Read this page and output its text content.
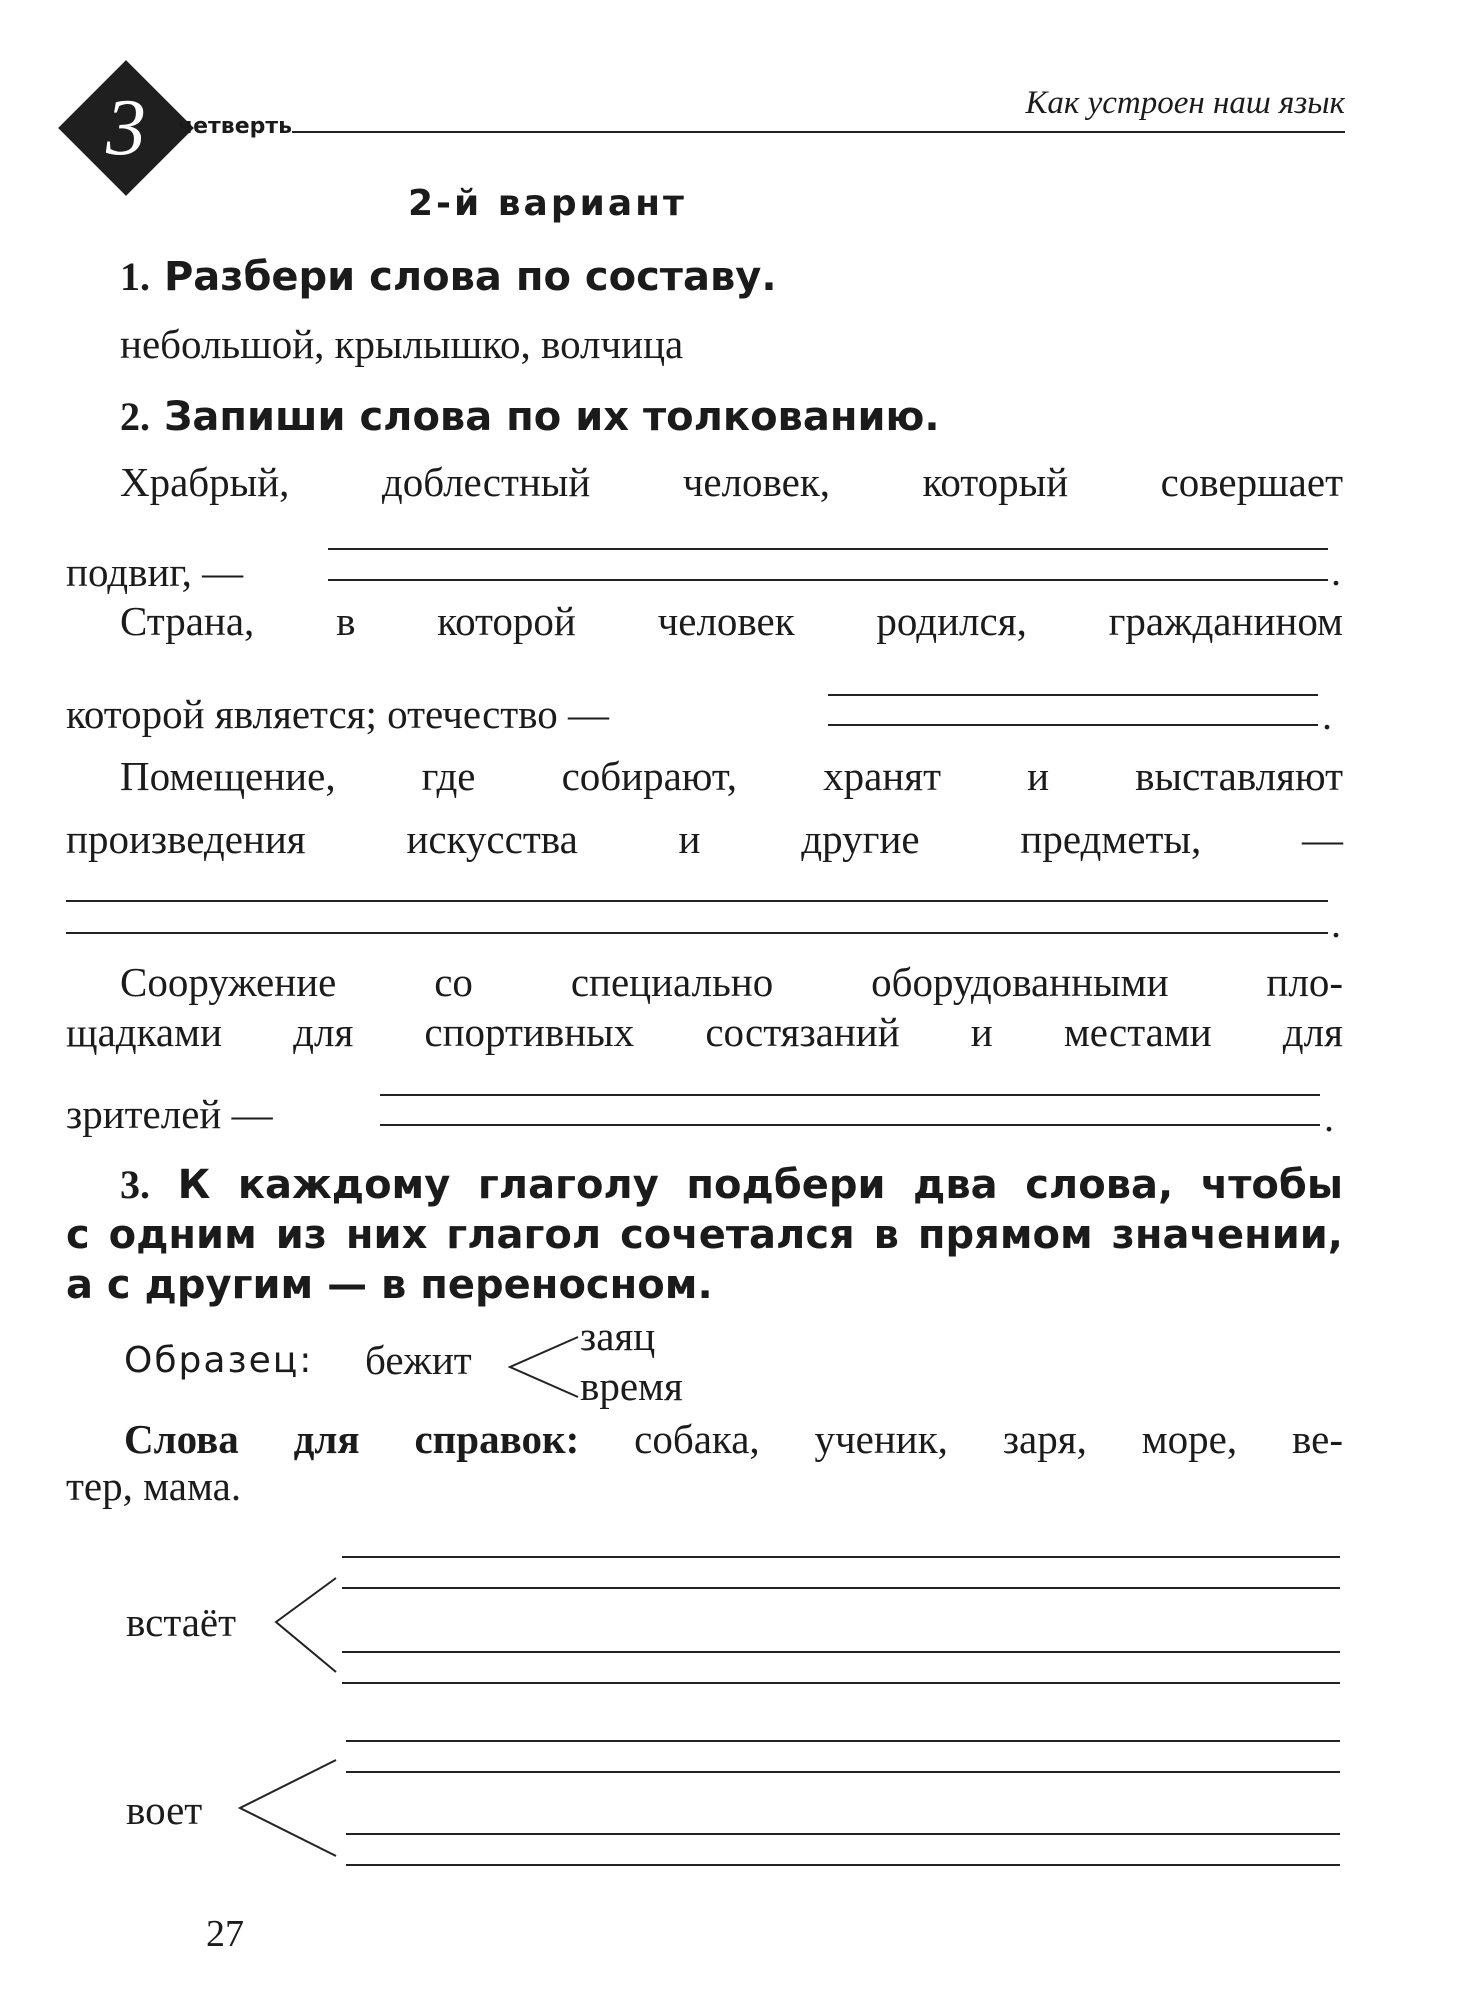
3	четверть
Как устроен наш язык
2-й вариант
1. Разбери слова по составу.
небольшой, крылышко, волчица
2. Запиши слова по их толкованию.
Храбрый, доблестный человек, который совершает
подвиг, —	.
Страна, в которой человек родился, гражданином
которой является; отечество —	.
Помещение, где собирают, хранят и выставляют
произведения искусства и другие предметы, —
.
Сооружение со специально оборудованными пло-
щадками для спортивных состязаний и местами для
зрителей —	.
3. К каждому глаголу подбери два слова, чтобы
с одним из них глагол сочетался в прямом значении,
а с другим — в переносном.
Образец: бежит
заяц
время
Слова для справок: собака, ученик, заря, море, ве-
тер, мама.
встаёт
воет
27
